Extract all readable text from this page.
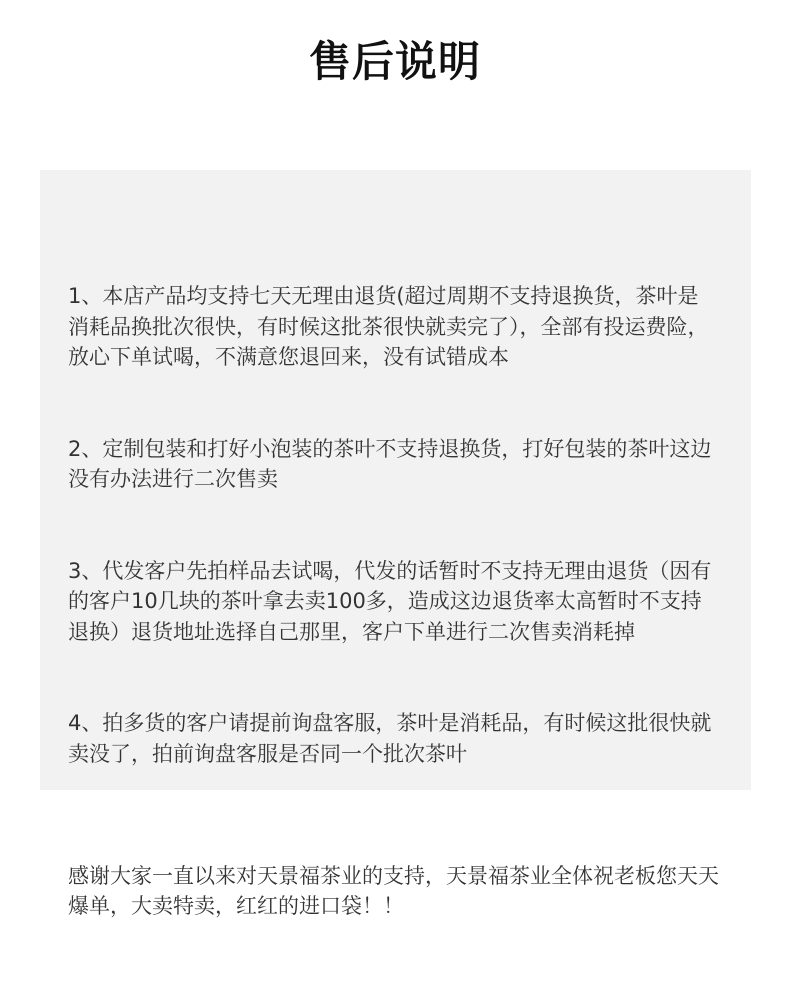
售后说明

1、本店产品均支持七天无理由退货(超过周期不支持退换货，茶叶是消耗品换批次很快，有时候这批茶很快就卖完了），全部有投运费险，放心下单试喝，不满意您退回来，没有试错成本

2、定制包装和打好小泡装的茶叶不支持退换货，打好包装的茶叶这边没有办法进行二次售卖

3、代发客户先拍样品去试喝，代发的话暂时不支持无理由退货（因有的客户10几块的茶叶拿去卖100多，造成这边退货率太高暂时不支持退换）退货地址选择自己那里，客户下单进行二次售卖消耗掉

4、拍多货的客户请提前询盘客服，茶叶是消耗品，有时候这批很快就卖没了，拍前询盘客服是否同一个批次茶叶

感谢大家一直以来对天景福茶业的支持，天景福茶业全体祝老板您天天爆单，大卖特卖，红红的进口袋！！
